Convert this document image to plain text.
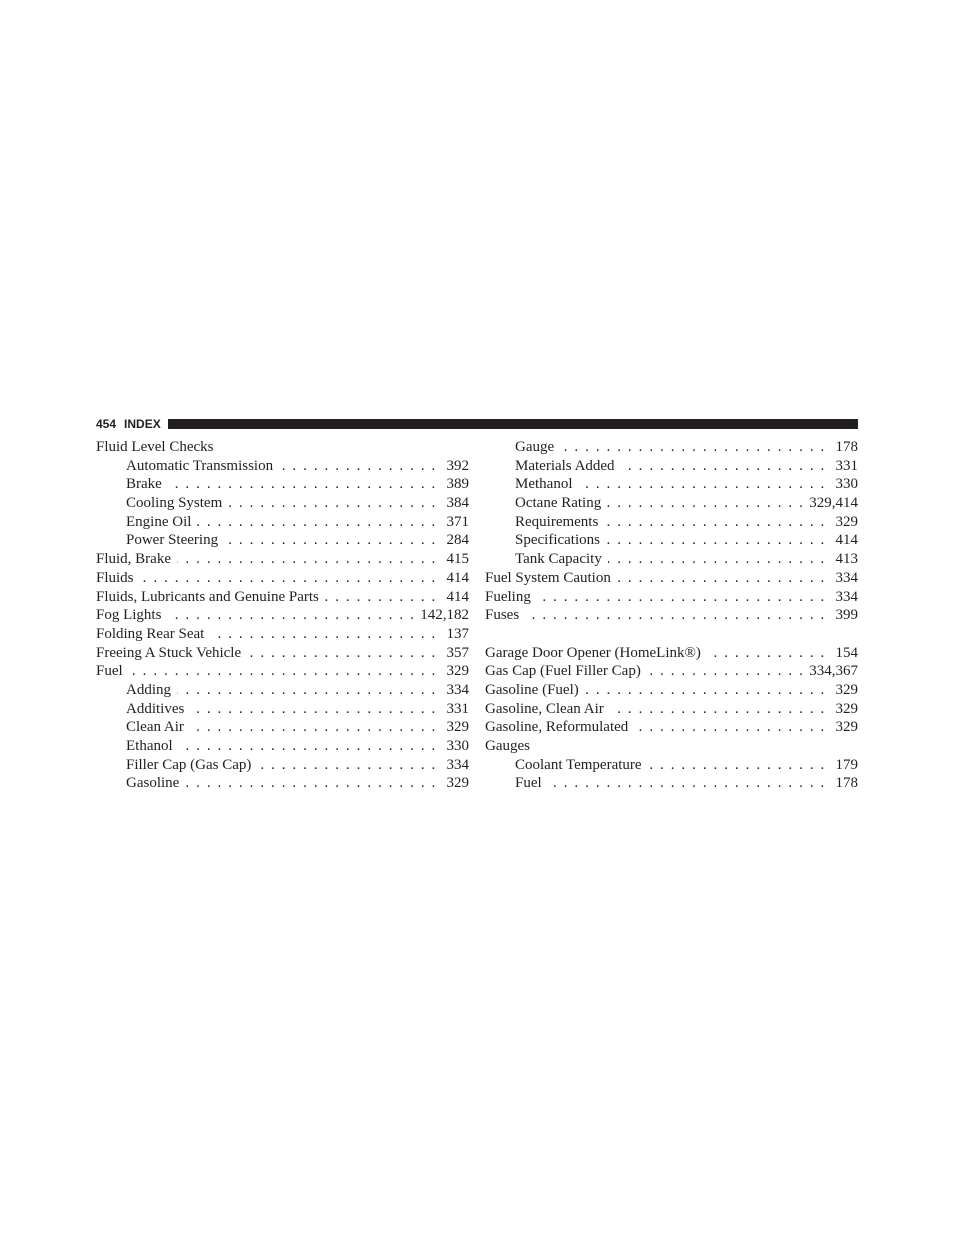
454 INDEX
Fluid Level Checks
Automatic Transmission . . .	392
Brake . . .	389
Cooling System . . .	384
Engine Oil . . .	371
Power Steering . . .	284
Fluid, Brake . . .	415
Fluids . . .	414
Fluids, Lubricants and Genuine Parts . . .	414
Fog Lights . . .	142,182
Folding Rear Seat . . .	137
Freeing A Stuck Vehicle . . .	357
Fuel . . .	329
Adding . . .	334
Additives . . .	331
Clean Air . . .	329
Ethanol . . .	330
Filler Cap (Gas Cap) . . .	334
Gasoline . . .	329
Gauge . . .	178
Materials Added . . .	331
Methanol . . .	330
Octane Rating . . .	329,414
Requirements . . .	329
Specifications . . .	414
Tank Capacity . . .	413
Fuel System Caution . . .	334
Fueling . . .	334
Fuses . . .	399
Garage Door Opener (HomeLink®) . . .	154
Gas Cap (Fuel Filler Cap) . . .	334,367
Gasoline (Fuel) . . .	329
Gasoline, Clean Air . . .	329
Gasoline, Reformulated . . .	329
Gauges
Coolant Temperature . . .	179
Fuel . . .	178
